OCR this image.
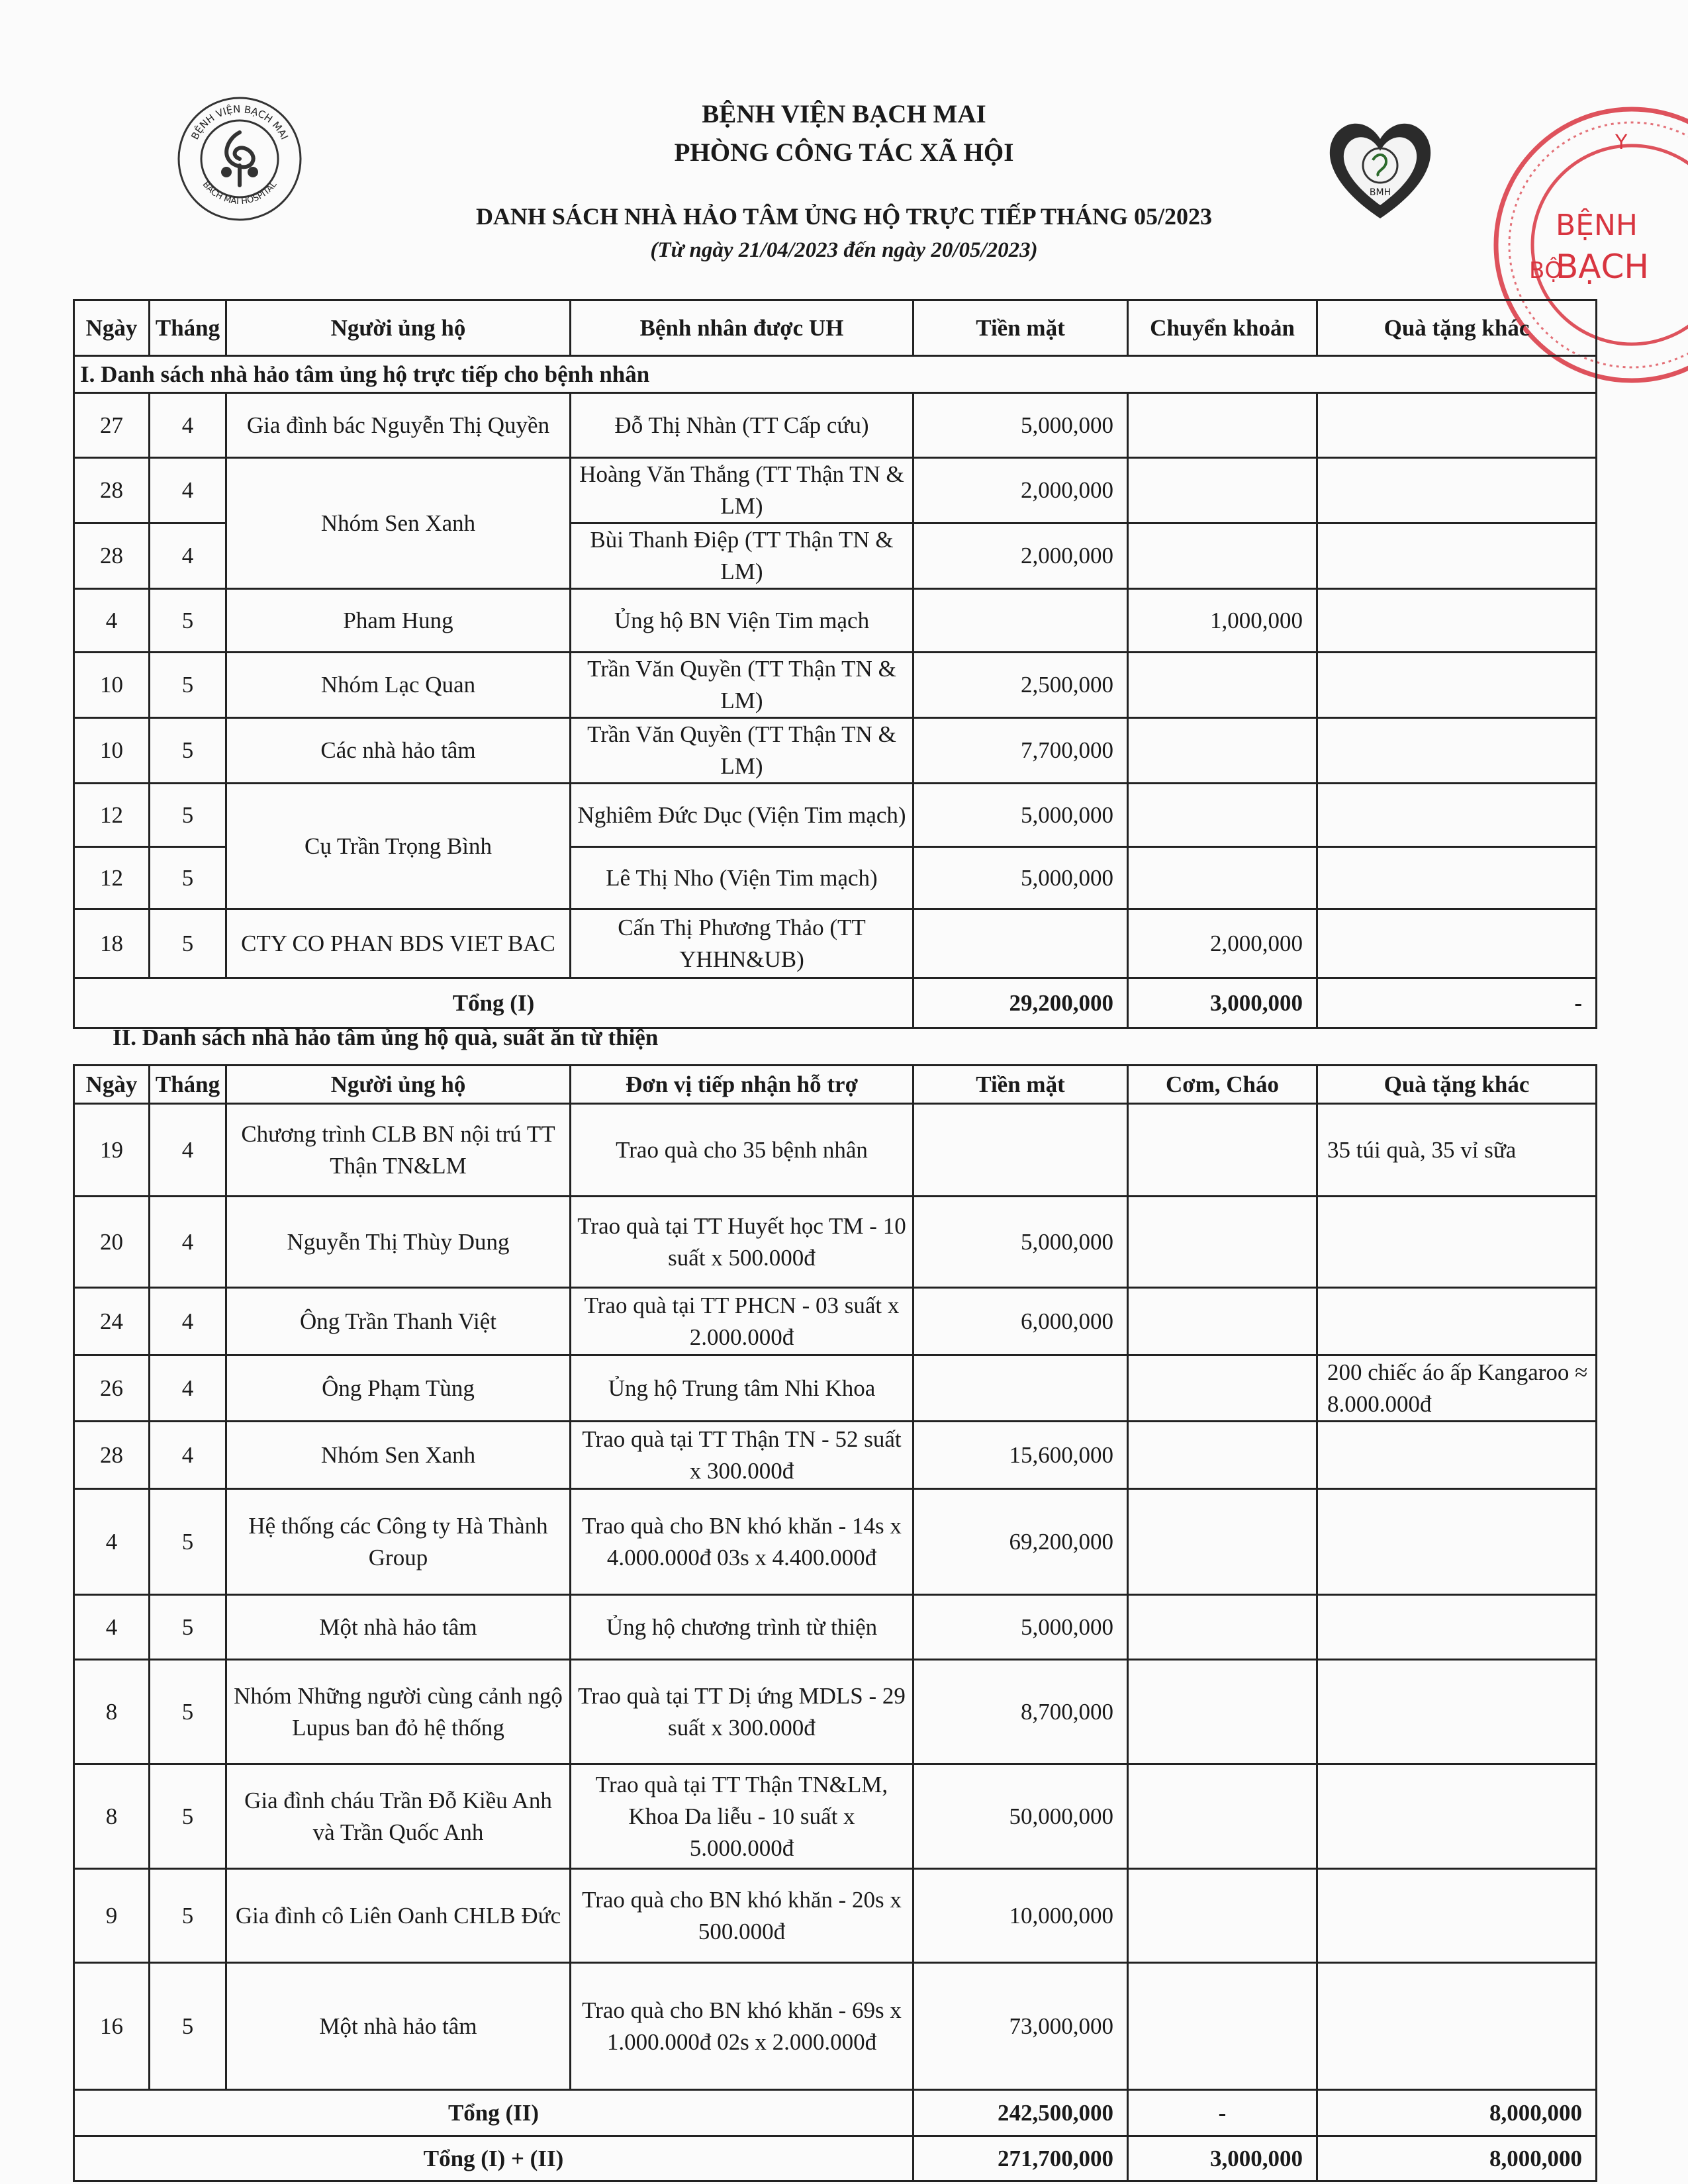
BỆNH VIỆN BẠCH MAI
PHÒNG CÔNG TÁC XÃ HỘI
DANH SÁCH NHÀ HẢO TÂM ỦNG HỘ TRỰC TIẾP THÁNG 05/2023
(Từ ngày 21/04/2023 đến ngày 20/05/2023)
BỆNH VIỆN BẠCH MAI
BACH MAI HOSPITAL
BMH
BỆNH
BẠCH
BỘ
Y
Ngày	Tháng	Người ủng hộ	Bệnh nhân được UH	Tiền mặt	Chuyển khoản	Quà tặng khác
I. Danh sách nhà hảo tâm ủng hộ trực tiếp cho bệnh nhân						
27	4	Gia đình bác Nguyễn Thị Quyền	Đỗ Thị Nhàn (TT Cấp cứu)	5,000,000		
28	4	Nhóm Sen Xanh	Hoàng Văn Thắng (TT Thận TN & LM)	2,000,000		
28	4		Bùi Thanh Điệp (TT Thận TN & LM)	2,000,000		
4	5	Pham Hung	Ủng hộ BN Viện Tim mạch		1,000,000	
10	5	Nhóm Lạc Quan	Trần Văn Quyền (TT Thận TN & LM)	2,500,000		
10	5	Các nhà hảo tâm	Trần Văn Quyền (TT Thận TN & LM)	7,700,000		
12	5	Cụ Trần Trọng Bình	Nghiêm Đức Dục (Viện Tim mạch)	5,000,000		
12	5		Lê Thị Nho (Viện Tim mạch)	5,000,000		
18	5	CTY CO PHAN BDS VIET BAC	Cấn Thị Phương Thảo (TT YHHN&UB)		2,000,000	
Tổng (I)				29,200,000	3,000,000	-
II. Danh sách nhà hảo tâm ủng hộ quà, suất ăn từ thiện
Ngày	Tháng	Người ủng hộ	Đơn vị tiếp nhận hỗ trợ	Tiền mặt	Cơm, Cháo	Quà tặng khác
19	4	Chương trình CLB BN nội trú TT Thận TN&LM	Trao quà cho 35 bệnh nhân			35 túi quà, 35 vỉ sữa
20	4	Nguyễn Thị Thùy Dung	Trao quà tại TT Huyết học TM - 10 suất x 500.000đ	5,000,000		
24	4	Ông Trần Thanh Việt	Trao quà tại TT PHCN - 03 suất x 2.000.000đ	6,000,000		
26	4	Ông Phạm Tùng	Ủng hộ Trung tâm Nhi Khoa			200 chiếc áo ấp Kangaroo ≈ 8.000.000đ
28	4	Nhóm Sen Xanh	Trao quà tại TT Thận TN - 52 suất x 300.000đ	15,600,000		
4	5	Hệ thống các Công ty Hà Thành Group	Trao quà cho BN khó khăn - 14s x 4.000.000đ 03s x 4.400.000đ	69,200,000		
4	5	Một nhà hảo tâm	Ủng hộ chương trình từ thiện	5,000,000		
8	5	Nhóm Những người cùng cảnh ngộ Lupus ban đỏ hệ thống	Trao quà tại TT Dị ứng MDLS - 29 suất x 300.000đ	8,700,000		
8	5	Gia đình cháu Trần Đỗ Kiều Anh và Trần Quốc Anh	Trao quà tại TT Thận TN&LM, Khoa Da liễu - 10 suất x 5.000.000đ	50,000,000		
9	5	Gia đình cô Liên Oanh CHLB Đức	Trao quà cho BN khó khăn - 20s x 500.000đ	10,000,000		
16	5	Một nhà hảo tâm	Trao quà cho BN khó khăn - 69s x 1.000.000đ 02s x 2.000.000đ	73,000,000		
Tổng (II)				242,500,000	-	8,000,000
Tổng (I) + (II)				271,700,000	3,000,000	8,000,000
